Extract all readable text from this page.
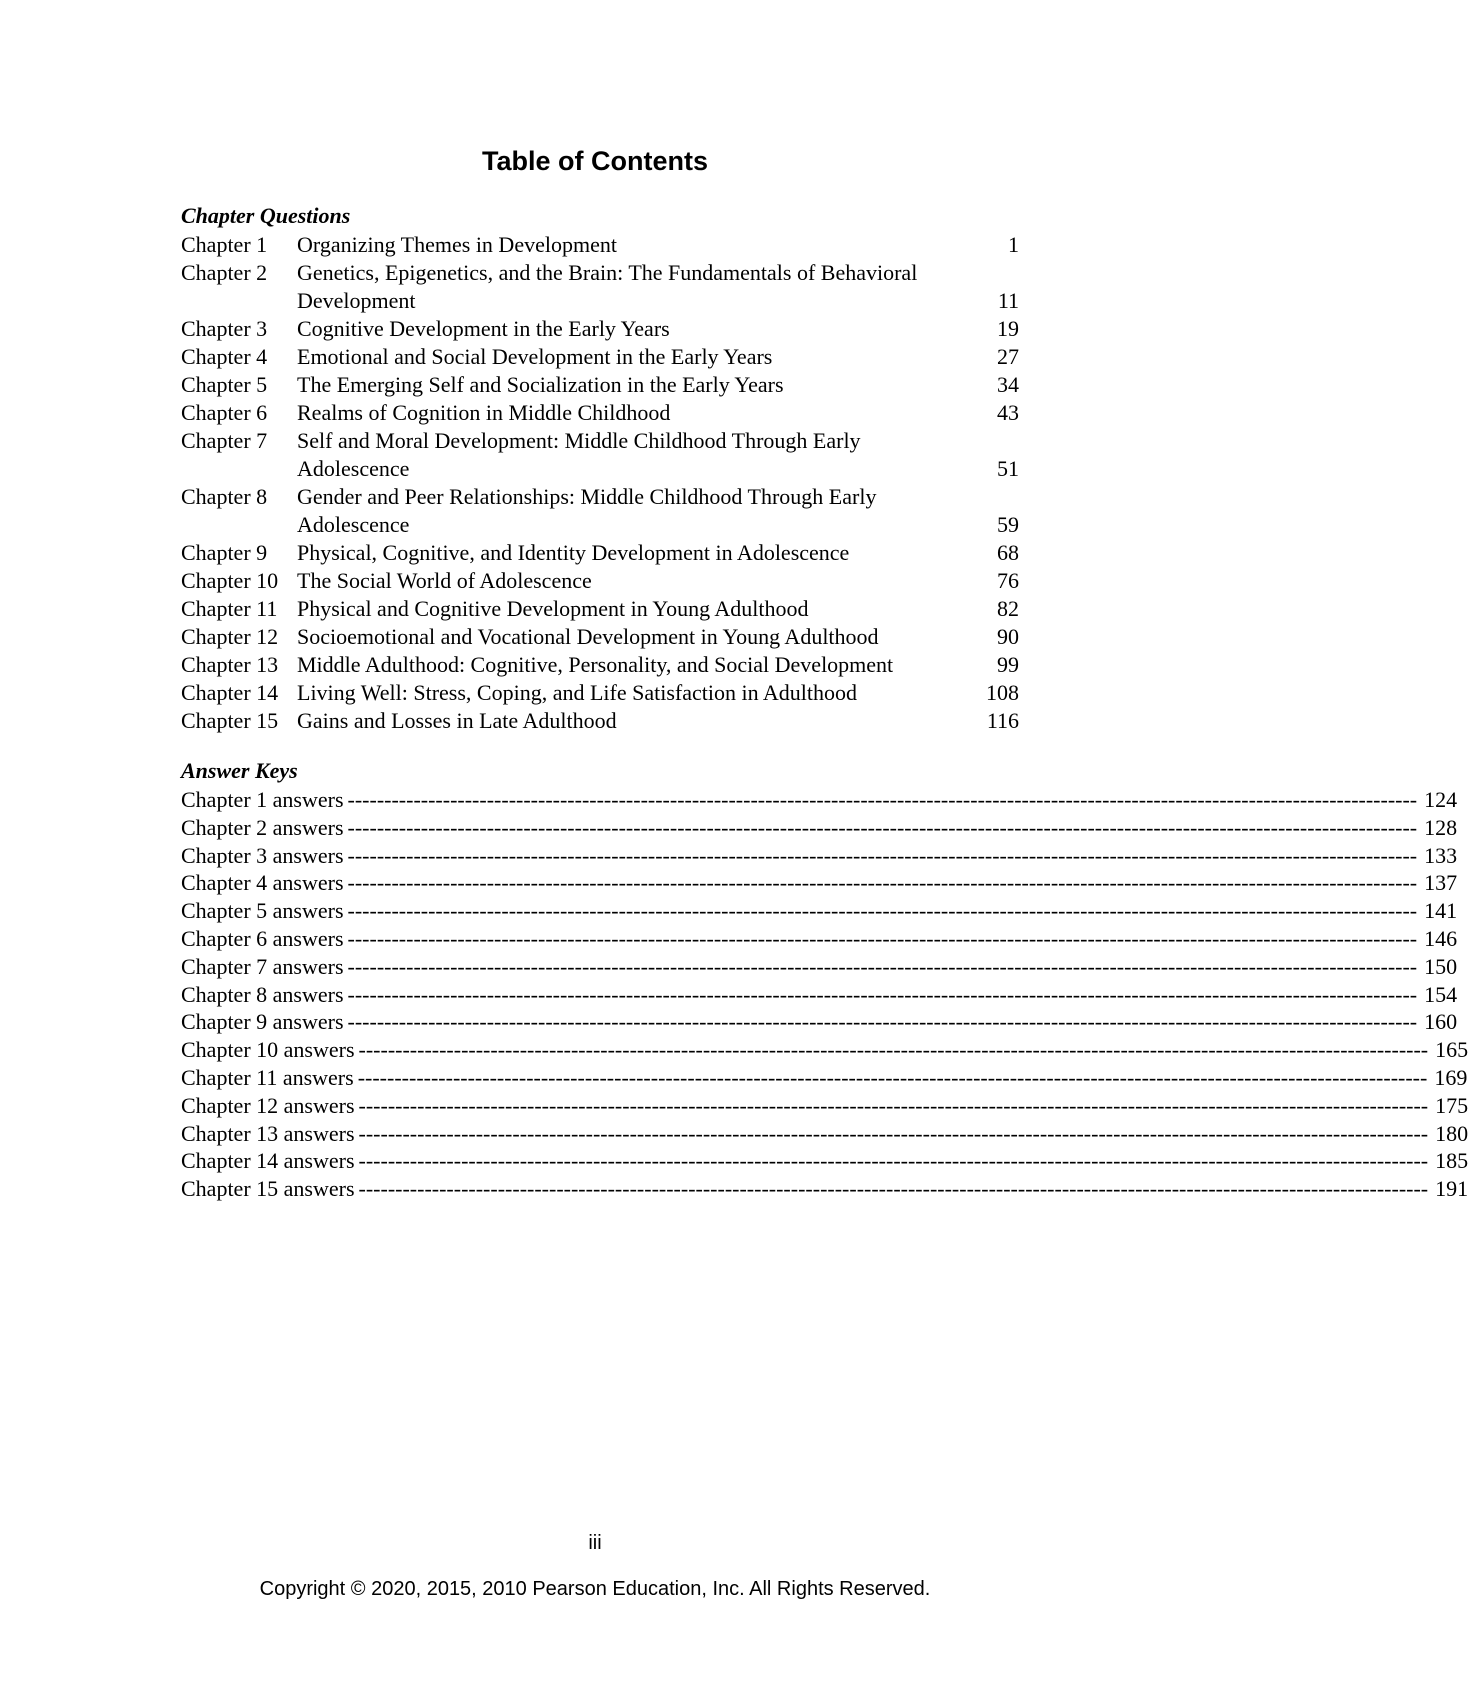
Table of Contents
Chapter Questions
Chapter 1	Organizing Themes in Development	1
Chapter 2	Genetics, Epigenetics, and the Brain: The Fundamentals of Behavioral
Development	11
Chapter 3	Cognitive Development in the Early Years	19
Chapter 4	Emotional and Social Development in the Early Years	27
Chapter 5	The Emerging Self and Socialization in the Early Years	34
Chapter 6	Realms of Cognition in Middle Childhood	43
Chapter 7	Self and Moral Development: Middle Childhood Through Early
Adolescence	51
Chapter 8	Gender and Peer Relationships: Middle Childhood Through Early
Adolescence	59
Chapter 9	Physical, Cognitive, and Identity Development in Adolescence	68
Chapter 10 The Social World of Adolescence	76
Chapter 11 Physical and Cognitive Development in Young Adulthood	82
Chapter 12 Socioemotional and Vocational Development in Young Adulthood	90
Chapter 13 Middle Adulthood: Cognitive, Personality, and Social Development	99
Chapter 14 Living Well: Stress, Coping, and Life Satisfaction in Adulthood	108
Chapter 15 Gains and Losses in Late Adulthood	116
Answer Keys
Chapter 1 answers -----	124
Chapter 2 answers -----	128
Chapter 3 answers -----	133
Chapter 4 answers -----	137
Chapter 5 answers -----	141
Chapter 6 answers -----	146
Chapter 7 answers -----	150
Chapter 8 answers -----	154
Chapter 9 answers -----	160
Chapter 10 answers -----	165
Chapter 11 answers -----	169
Chapter 12 answers -----	175
Chapter 13 answers -----	180
Chapter 14 answers -----	185
Chapter 15 answers -----	191
iii
Copyright © 2020, 2015, 2010 Pearson Education, Inc. All Rights Reserved.
